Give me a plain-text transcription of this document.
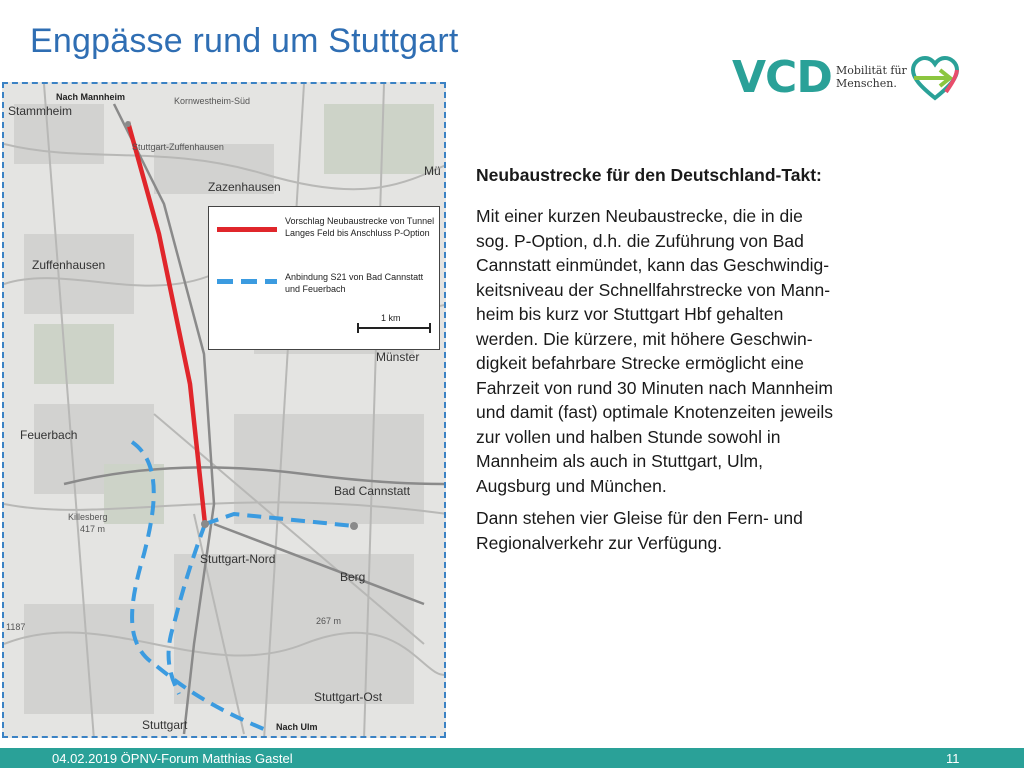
Engpässe rund um Stuttgart
VCD Mobilität für
Menschen.
Nach Mannheim
Stammheim
Kornwestheim-Süd
Stuttgart-Zuffenhausen
Zazenhausen
Zuffenhausen
Münster
Feuerbach
Bad Cannstatt
Killesberg
417 m
Stuttgart-Nord
Berg
1187
267 m
Stuttgart-Ost
Stuttgart	Nach Ulm
Mü
Vorschlag Neubaustrecke von Tunnel Langes Feld bis Anschluss P-Option
Anbindung S21 von Bad Cannstatt und Feuerbach
1 km
Neubaustrecke für den Deutschland-Takt:
Mit einer kurzen Neubaustrecke, die in die
sog. P-Option, d.h. die Zuführung von Bad
Cannstatt einmündet, kann das Geschwindig-
keitsniveau der Schnellfahrstrecke von Mann-
heim bis kurz vor Stuttgart Hbf gehalten
werden. Die kürzere, mit höhere Geschwin-
digkeit befahrbare Strecke ermöglicht eine
Fahrzeit von rund 30 Minuten nach Mannheim
und damit (fast) optimale Knotenzeiten jeweils
zur vollen und halben Stunde sowohl in
Mannheim als auch in Stuttgart, Ulm,
Augsburg und München.
Dann stehen vier Gleise für den Fern- und
Regionalverkehr zur Verfügung.
04.02.2019 ÖPNV-Forum Matthias Gastel	11
